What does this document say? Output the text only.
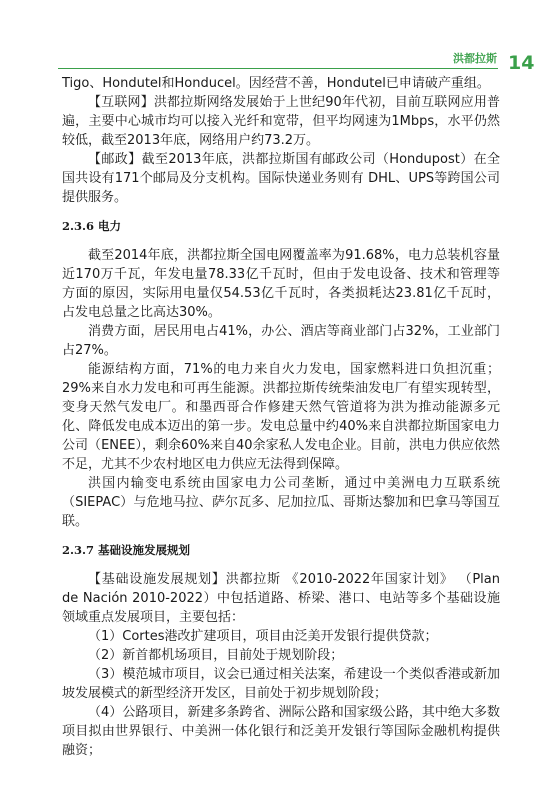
洪都拉斯 14

Tigo、Hondutel和Honducel。因经营不善，Hondutel已申请破产重组。

【互联网】洪都拉斯网络发展始于上世纪90年代初，目前互联网应用普遍，主要中心城市均可以接入光纤和宽带，但平均网速为1Mbps，水平仍然较低，截至2013年底，网络用户约73.2万。

【邮政】截至2013年底，洪都拉斯国有邮政公司（Hondupost）在全国共设有171个邮局及分支机构。国际快递业务则有 DHL、UPS等跨国公司提供服务。

2.3.6 电力

截至2014年底，洪都拉斯全国电网覆盖率为91.68%，电力总装机容量近170万千瓦，年发电量78.33亿千瓦时，但由于发电设备、技术和管理等方面的原因，实际用电量仅54.53亿千瓦时，各类损耗达23.81亿千瓦时，占发电总量之比高达30%。

消费方面，居民用电占41%，办公、酒店等商业部门占32%，工业部门占27%。

能源结构方面，71%的电力来自火力发电，国家燃料进口负担沉重；29%来自水力发电和可再生能源。洪都拉斯传统柴油发电厂有望实现转型，变身天然气发电厂。和墨西哥合作修建天然气管道将为洪为推动能源多元化、降低发电成本迈出的第一步。发电总量中约40%来自洪都拉斯国家电力公司（ENEE），剩余60%来自40余家私人发电企业。目前，洪电力供应依然不足，尤其不少农村地区电力供应无法得到保障。

洪国内输变电系统由国家电力公司垄断，通过中美洲电力互联系统（SIEPAC）与危地马拉、萨尔瓦多、尼加拉瓜、哥斯达黎加和巴拿马等国互联。

2.3.7 基础设施发展规划

【基础设施发展规划】洪都拉斯 《2010-2022年国家计划》 （Plan de Nación 2010-2022）中包括道路、桥梁、港口、电站等多个基础设施领域重点发展项目，主要包括：

（1）Cortes港改扩建项目，项目由泛美开发银行提供贷款；

（2）新首都机场项目，目前处于规划阶段；

（3）模范城市项目，议会已通过相关法案，希建设一个类似香港或新加坡发展模式的新型经济开发区，目前处于初步规划阶段；

（4）公路项目，新建多条跨省、洲际公路和国家级公路，其中绝大多数项目拟由世界银行、中美洲一体化银行和泛美开发银行等国际金融机构提供融资；
